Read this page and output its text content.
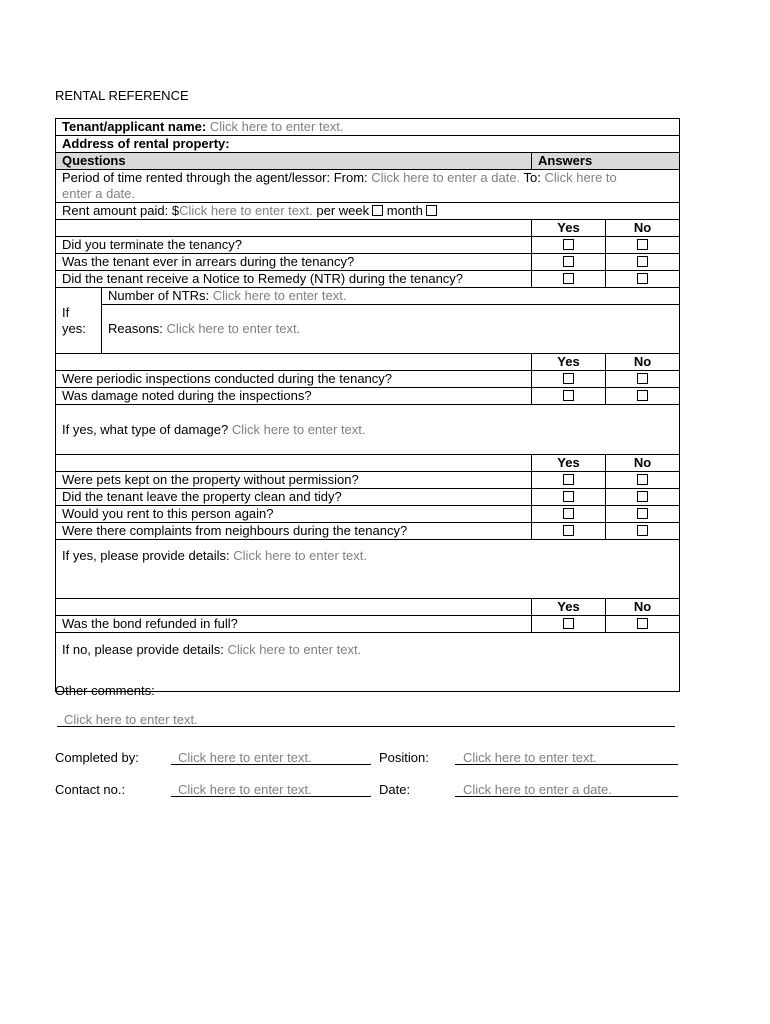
RENTAL REFERENCE
Tenant/applicant name: Click here to enter text.			
Address of rental property:			
Questions		Answers	
Period of time rented through the agent/lessor: From: Click here to enter a date. To: Click here to
enter a date.			
Rent amount paid: $Click here to enter text. per week month			
		Yes	No
Did you terminate the tenancy?			
Was the tenant ever in arrears during the tenancy?			
Did the tenant receive a Notice to Remedy (NTR) during the tenancy?			
If
yes:	Number of NTRs: Click here to enter text.		
	Reasons: Click here to enter text.		
		Yes	No
Were periodic inspections conducted during the tenancy?			
Was damage noted during the inspections?			
If yes, what type of damage? Click here to enter text.			
		Yes	No
Were pets kept on the property without permission?			
Did the tenant leave the property clean and tidy?			
Would you rent to this person again?			
Were there complaints from neighbours during the tenancy?			
If yes, please provide details: Click here to enter text.			
		Yes	No
Was the bond refunded in full?			
If no, please provide details: Click here to enter text.			
Other comments:
Click here to enter text.
Completed by:	Click here to enter text.	Position:	Click here to enter text.
Contact no.:	Click here to enter text.	Date:	Click here to enter a date.
